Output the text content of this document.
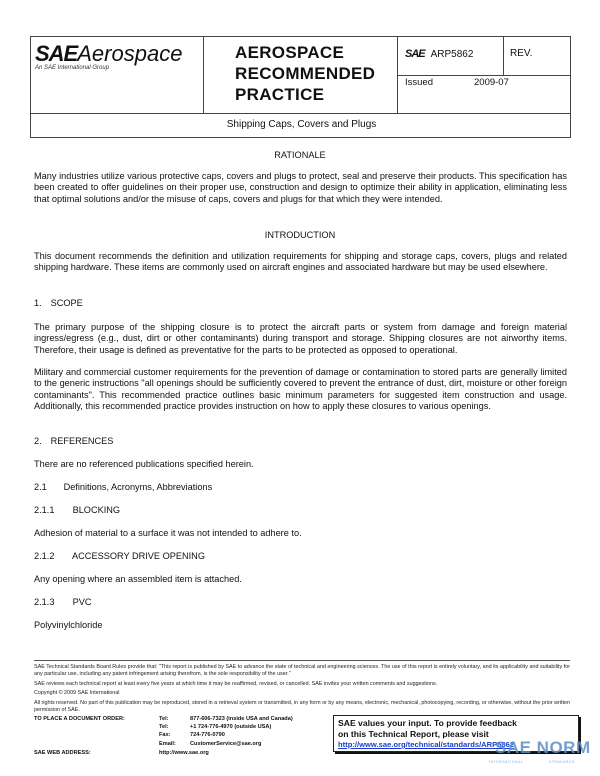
SAEAerospace
An SAE International Group
AEROSPACE
RECOMMENDED
PRACTICE
SAE ARP5862	REV.
Issued	2009-07
Shipping Caps, Covers and Plugs
RATIONALE
Many industries utilize various protective caps, covers and plugs to protect, seal and preserve their products. This specification has been created to offer guidelines on their proper use, construction and design to optimize their ability in application, eliminating less that optimal solutions and/or the misuse of caps, covers and plugs for that which they were intended.
INTRODUCTION
This document recommends the definition and utilization requirements for shipping and storage caps, covers, plugs and related shipping hardware. These items are commonly used on aircraft engines and associated hardware but may be used elsewhere.
1. SCOPE
The primary purpose of the shipping closure is to protect the aircraft parts or system from damage and foreign material ingress/egress (e.g., dust, dirt or other contaminants) during transport and storage. Shipping closures are not airworthy items. Therefore, their usage is defined as preventative for the parts to be protected as opposed to operational.
Military and commercial customer requirements for the prevention of damage or contamination to stored parts are generally limited to the generic instructions "all openings should be sufficiently covered to prevent the entrance of dust, dirt, moisture or other foreign contaminants". This recommended practice outlines basic minimum parameters for suggested item construction and usage. Additionally, this recommended practice provides instruction on how to apply these closures to various openings.
2. REFERENCES
There are no referenced publications specified herein.
2.1 Definitions, Acronyms, Abbreviations
2.1.1 BLOCKING
Adhesion of material to a surface it was not intended to adhere to.
2.1.2 ACCESSORY DRIVE OPENING
Any opening where an assembled item is attached.
2.1.3 PVC
Polyvinylchloride
SAE Technical Standards Board Rules provide that: "This report is published by SAE to advance the state of technical and engineering sciences. The use of this report is entirely voluntary, and its applicability and suitability for any particular use, including any patent infringement arising therefrom, is the sole responsibility of the user."
SAE reviews each technical report at least every five years at which time it may be reaffirmed, revised, or cancelled. SAE invites your written comments and suggestions.
Copyright © 2009 SAE International
All rights reserved. No part of this publication may be reproduced, stored in a retrieval system or transmitted, in any form or by any means, electronic, mechanical, photocopying, recording, or otherwise, without the prior written permission of SAE.
TO PLACE A DOCUMENT ORDER:	Tel:	877-606-7323 (inside USA and Canada)
Tel:	+1 724-776-4970 (outside USA)
Fax:	724-776-0790
Email:	CustomerService@sae.org
SAE WEB ADDRESS:	http://www.sae.org
SAE values your input. To provide feedback
on this Technical Report, please visit
http://www.sae.org/technical/standards/ARP5862
SAE NORM
INTERNATIONAL	STANDARDS
